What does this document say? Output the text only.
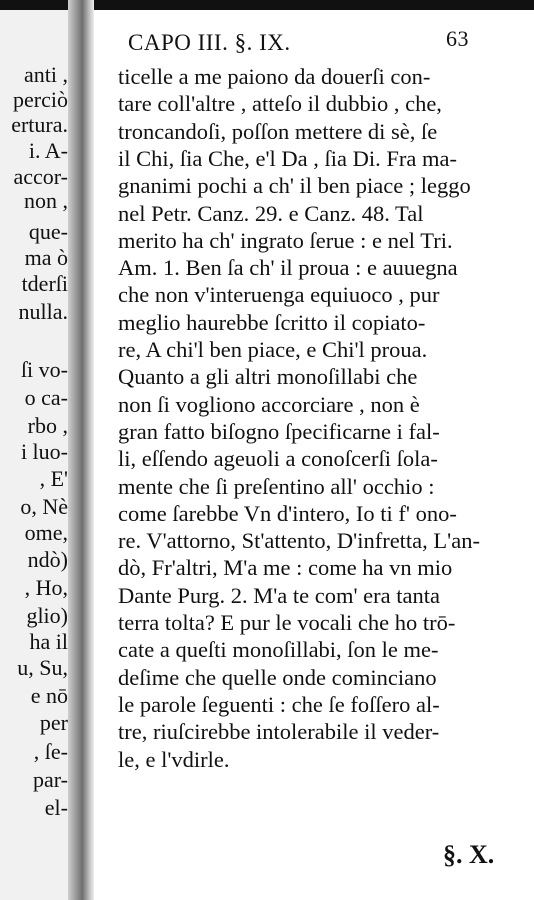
anti ,
perciò
ertura.
i. A-
accor-
non ,
que-
ma ò
tderſi
nulla.
ſi vo-
o ca-
rbo ,
i luo-
, E'
o, Nè
ome,
ndò)
, Ho,
glio)
ha il
u, Su,
e nō
per
, ſe-
par-
el-
CAPO III. §. IX.	63
ticelle a me paiono da douerſi con-
tare coll'altre , atteſo il dubbio , che,
troncandoſi, poſſon mettere di sè, ſe
il Chi, ſia Che, e'l Da , ſia Di. Fra ma-
gnanimi pochi a ch' il ben piace ; leggo
nel Petr. Canz. 29. e Canz. 48. Tal
merito ha ch' ingrato ſerue : e nel Tri.
Am. 1. Ben ſa ch' il proua : e auuegna
che non v'interuenga equiuoco , pur
meglio haurebbe ſcritto il copiato-
re, A chi'l ben piace, e Chi'l proua.
Quanto a gli altri monoſillabi che
non ſi vogliono accorciare , non è
gran fatto biſogno ſpecificarne i fal-
li, eſſendo ageuoli a conoſcerſi ſola-
mente che ſi preſentino all' occhio :
come ſarebbe Vn d'intero, Io ti f' ono-
re. V'attorno, St'attento, D'infretta, L'an-
dò, Fr'altri, M'a me : come ha vn mio
Dante Purg. 2. M'a te com' era tanta
terra tolta? E pur le vocali che ho trō-
cate a queſti monoſillabi, ſon le me-
deſime che quelle onde cominciano
le parole ſeguenti : che ſe foſſero al-
tre, riuſcirebbe intolerabile il veder-
le, e l'vdirle.
§. X.
